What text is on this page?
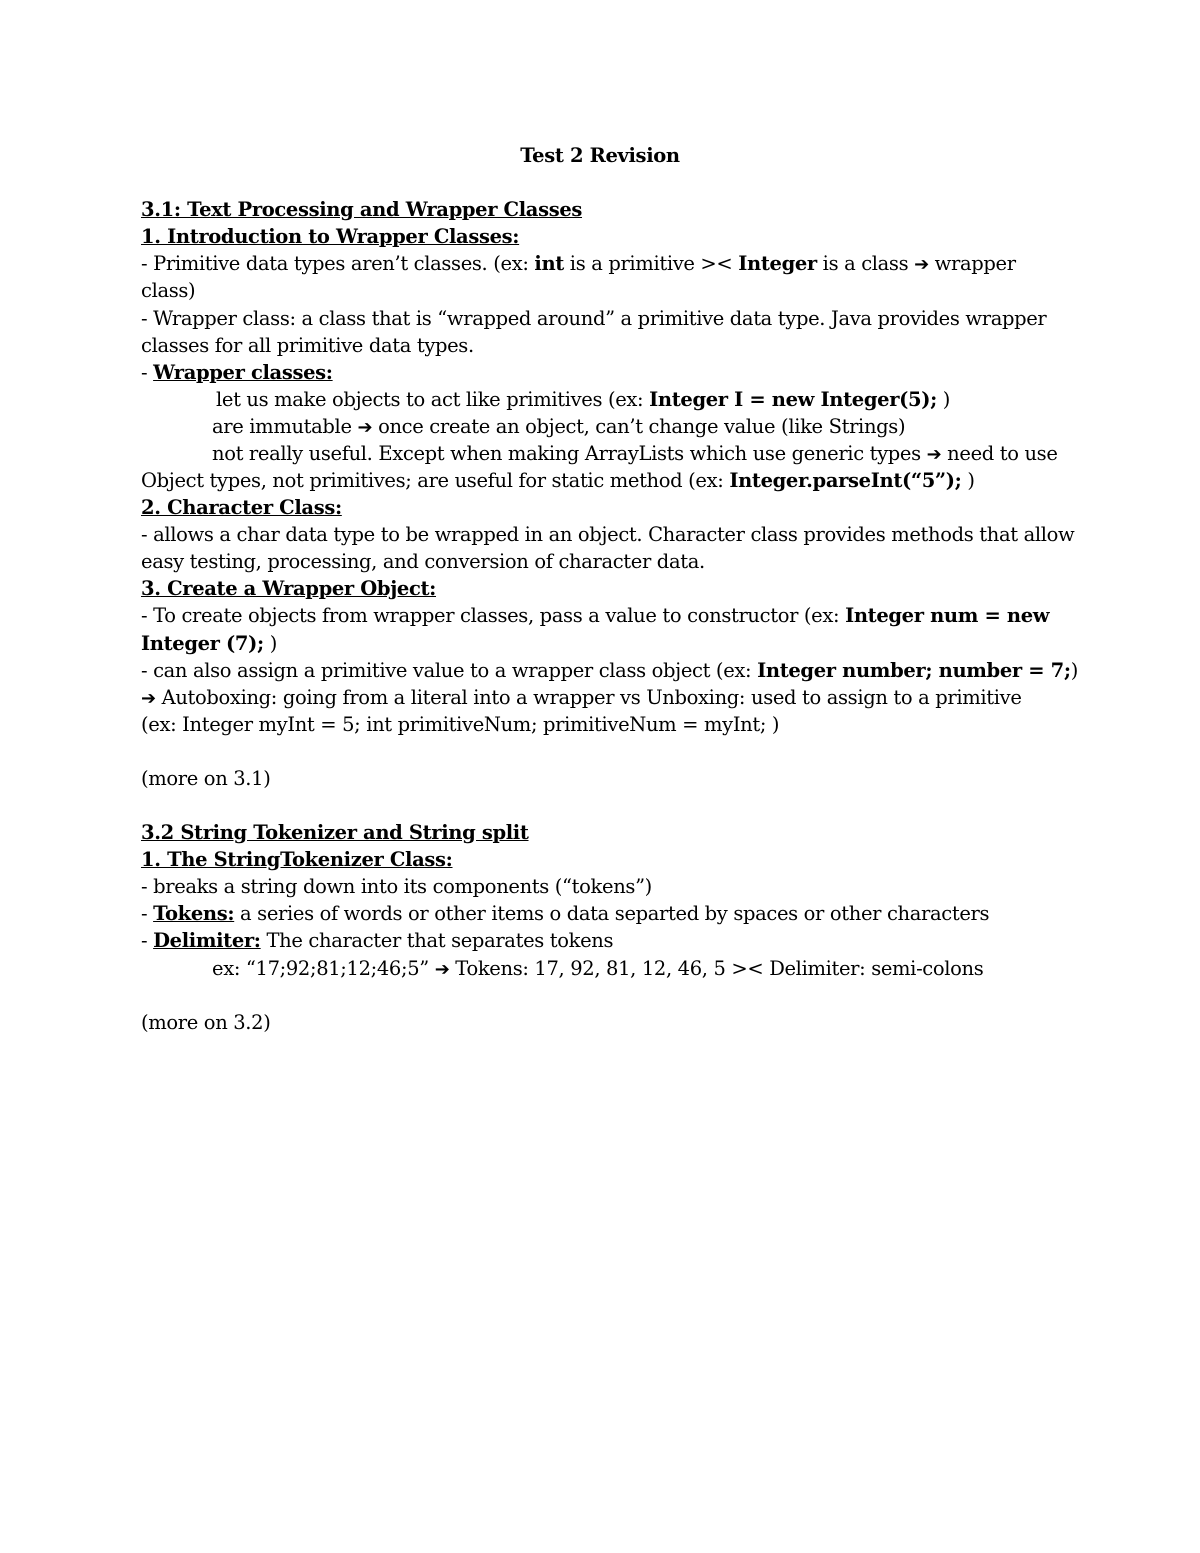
Test 2 Revision
3.1: Text Processing and Wrapper Classes
1. Introduction to Wrapper Classes:
- Primitive data types aren’t classes. (ex: int is a primitive >< Integer is a class ➔ wrapper
class)
- Wrapper class: a class that is “wrapped around” a primitive data type. Java provides wrapper
classes for all primitive data types.
- Wrapper classes:
let us make objects to act like primitives (ex: Integer I = new Integer(5); )
are immutable ➔ once create an object, can’t change value (like Strings)
not really useful. Except when making ArrayLists which use generic types ➔ need to use
Object types, not primitives; are useful for static method (ex: Integer.parseInt(“5”); )
2. Character Class:
- allows a char data type to be wrapped in an object. Character class provides methods that allow
easy testing, processing, and conversion of character data.
3. Create a Wrapper Object:
- To create objects from wrapper classes, pass a value to constructor (ex: Integer num = new
Integer (7); )
- can also assign a primitive value to a wrapper class object (ex: Integer number; number = 7;)
➔ Autoboxing: going from a literal into a wrapper vs Unboxing: used to assign to a primitive
(ex: Integer myInt = 5; int primitiveNum; primitiveNum = myInt; )
(more on 3.1)
3.2 String Tokenizer and String split
1. The StringTokenizer Class:
- breaks a string down into its components (“tokens”)
- Tokens: a series of words or other items o data separted by spaces or other characters
- Delimiter: The character that separates tokens
ex: “17;92;81;12;46;5” ➔ Tokens: 17, 92, 81, 12, 46, 5 >< Delimiter: semi-colons
(more on 3.2)
